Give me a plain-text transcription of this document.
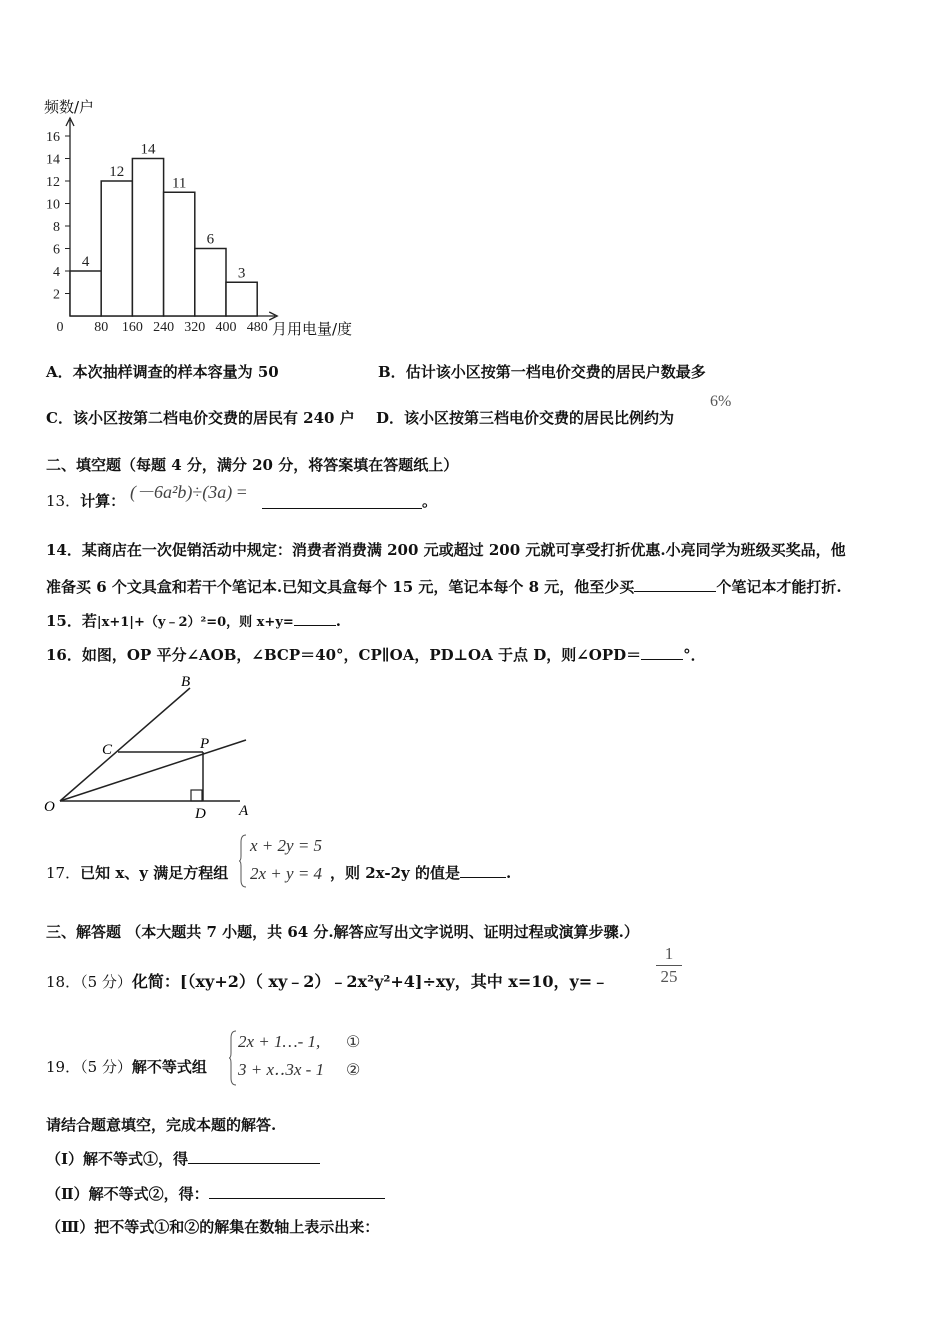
2
4
6
8
10
12
14
16
0 80 160 240 320 400 480
4
12
14
11
6
3
频数/户
月用电量/度
A．本次抽样调查的样本容量为 50	B．估计该小区按第一档电价交费的居民户数最多
C．该小区按第二档电价交费的居民有 240 户 D．该小区按第三档电价交费的居民比例约为
6%
二、填空题（每题 4 分，满分 20 分，将答案填在答题纸上）
13．计算： (－6a²b)÷(3a) =	。
14．某商店在一次促销活动中规定：消费者消费满 200 元或超过 200 元就可享受打折优惠.小亮同学为班级买奖品，他
准备买 6 个文具盒和若干个笔记本.已知文具盒每个 15 元，笔记本每个 8 元，他至少买	个笔记本才能打折.
15．若|x+1|+（y﹣2）²=0，则 x+y=	.
16．如图，OP 平分∠AOB，∠BCP＝40°，CP∥OA，PD⊥OA 于点 D，则∠OPD＝	°．
B
C	P
O	D A
17．已知 x、y 满足方程组
x + 2y = 5
2x + y = 4 ，则 2x-2y 的值是	.
三、解答题 （本大题共 7 小题，共 64 分.解答应写出文字说明、证明过程或演算步骤.）
18．（5 分）化简：[（xy+2）（ xy﹣2）﹣2x²y²+4]÷xy，其中 x=10，y=﹣
1
25
19．（5 分）解不等式组
2x + 1…- 1, ①
3 + x‥3x - 1 ②
请结合题意填空，完成本题的解答.
（I）解不等式①，得
（Ⅱ）解不等式②，得：
（Ⅲ）把不等式①和②的解集在数轴上表示出来：
